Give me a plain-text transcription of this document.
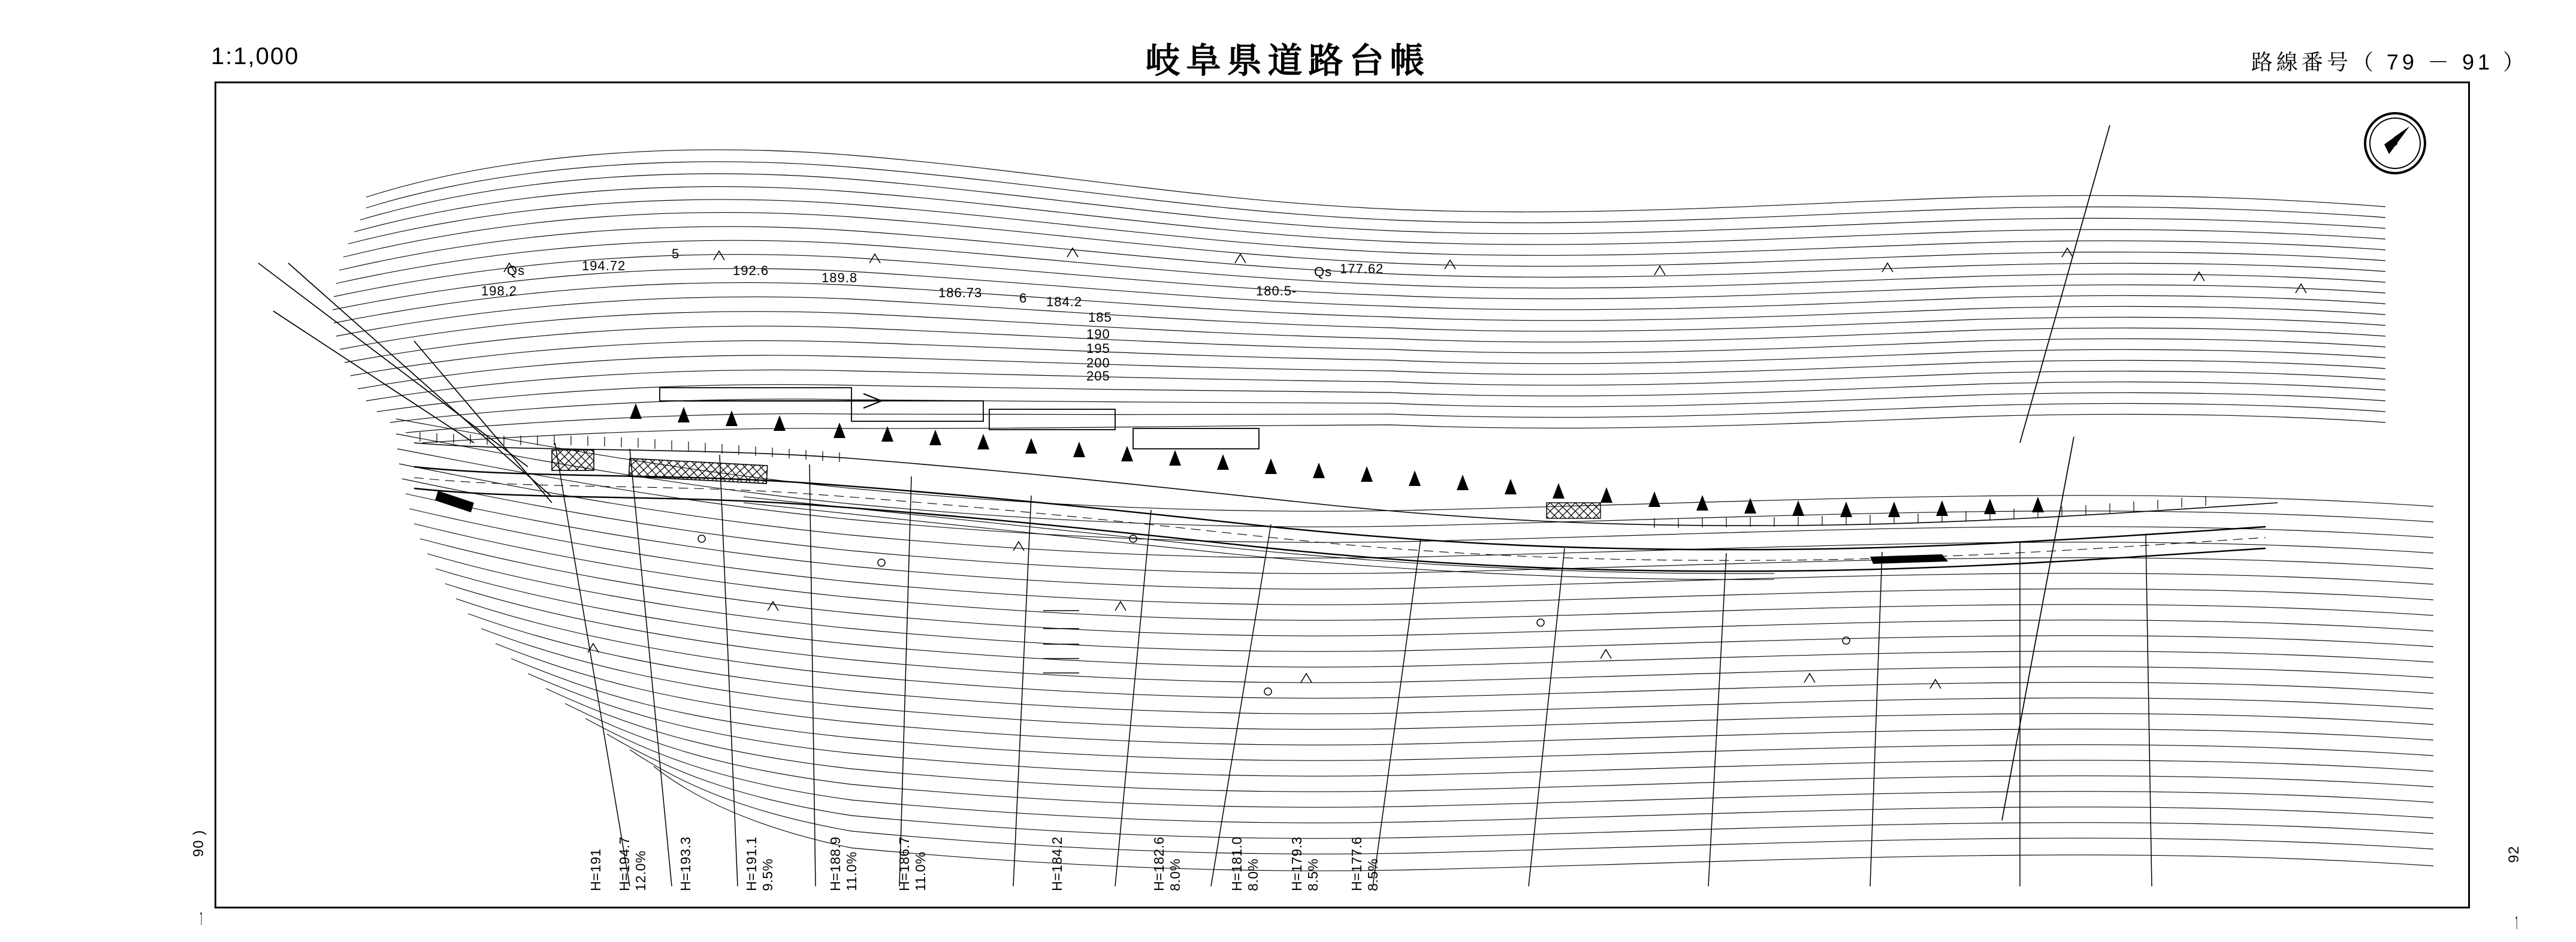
1:1,000	岐阜県道路台帳	路線番号（ 79 － 91 ）
90 )
一
92
一
194.72
5
192.6	189.8
186.73
184.2
6	180.5-
177.62
198.2
Qs	Qs
185
190
195
200
205
H=191 H=194.7 12.0% H=193.3	H=191.1 9.5%	H=188.9 11.0%	H=186.7 11.0%	H=184.2	H=182.6 8.0%	H=181.0 8.0% H=179.3 8.5% H=177.6 8.5%
